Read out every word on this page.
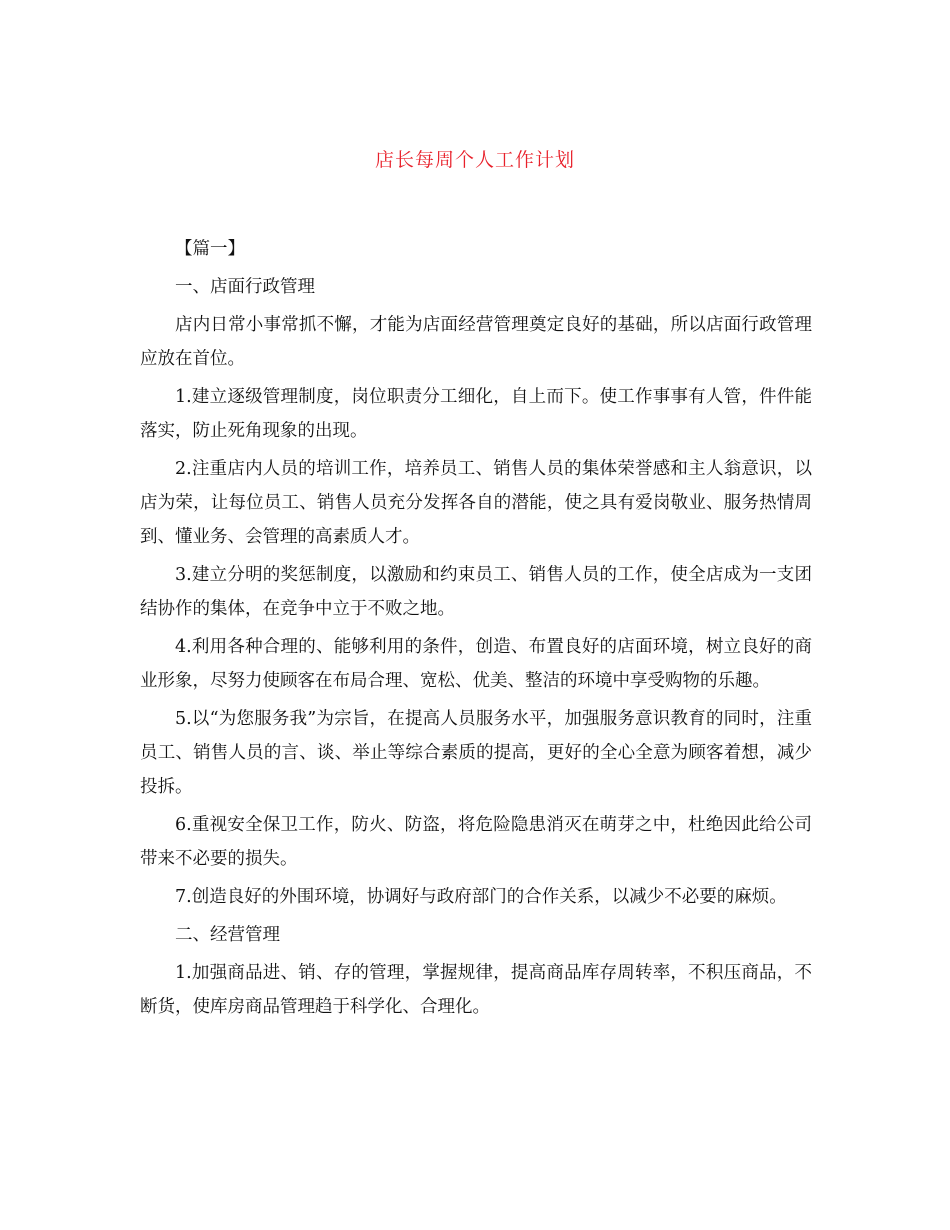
店长每周个人工作计划

【篇一】

一、店面行政管理

店内日常小事常抓不懈，才能为店面经营管理奠定良好的基础，所以店面行政管理应放在首位。

1.建立逐级管理制度，岗位职责分工细化，自上而下。使工作事事有人管，件件能落实，防止死角现象的出现。

2.注重店内人员的培训工作，培养员工、销售人员的集体荣誉感和主人翁意识，以店为荣，让每位员工、销售人员充分发挥各自的潜能，使之具有爱岗敬业、服务热情周到、懂业务、会管理的高素质人才。

3.建立分明的奖惩制度，以激励和约束员工、销售人员的工作，使全店成为一支团结协作的集体，在竞争中立于不败之地。

4.利用各种合理的、能够利用的条件，创造、布置良好的店面环境，树立良好的商业形象，尽努力使顾客在布局合理、宽松、优美、整洁的环境中享受购物的乐趣。

5.以“为您服务我”为宗旨，在提高人员服务水平，加强服务意识教育的同时，注重员工、销售人员的言、谈、举止等综合素质的提高，更好的全心全意为顾客着想，减少投拆。

6.重视安全保卫工作，防火、防盗，将危险隐患消灭在萌芽之中，杜绝因此给公司带来不必要的损失。

7.创造良好的外围环境，协调好与政府部门的合作关系，以减少不必要的麻烦。

二、经营管理

1.加强商品进、销、存的管理，掌握规律，提高商品库存周转率，不积压商品，不断货，使库房商品管理趋于科学化、合理化。
